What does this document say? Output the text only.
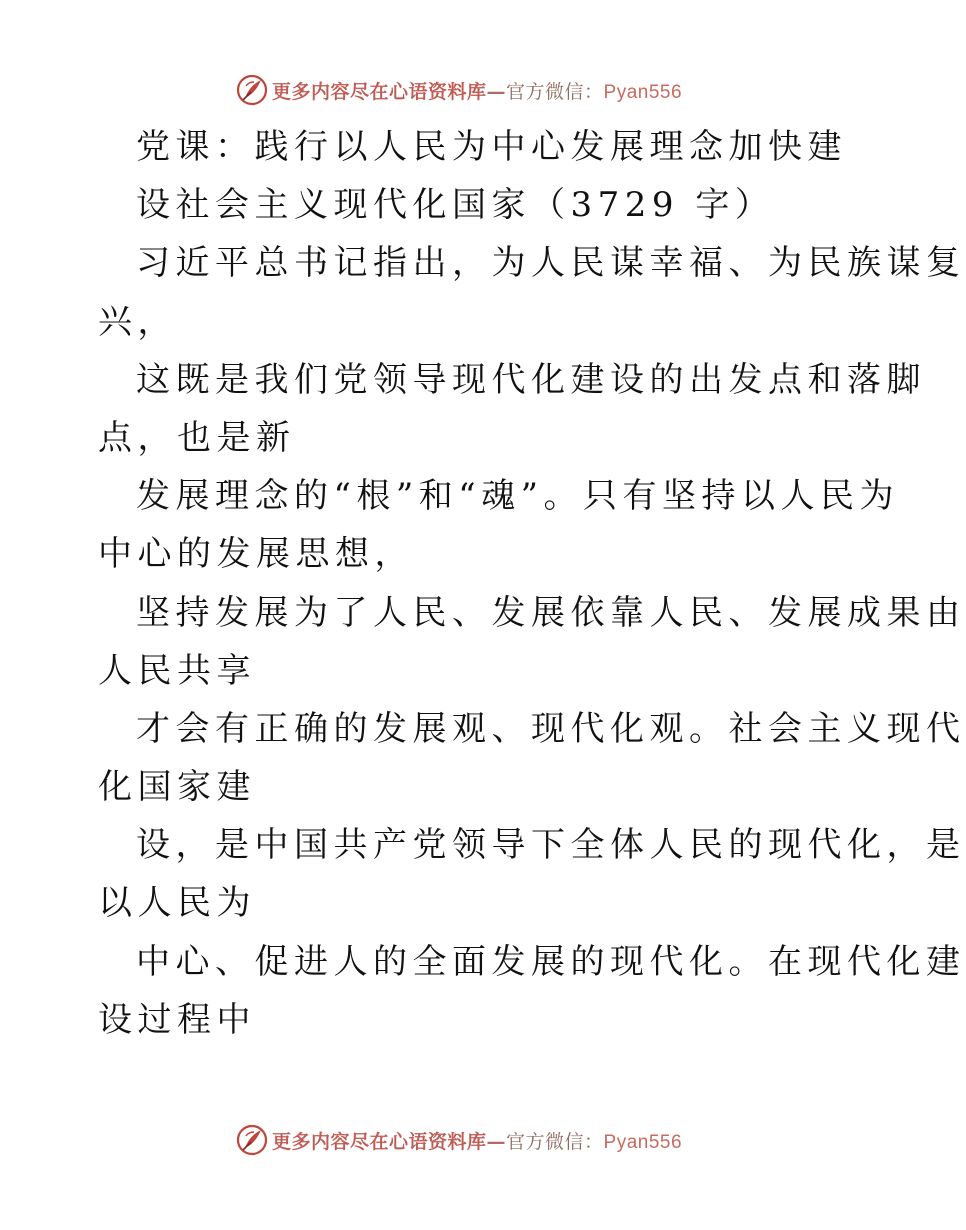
更多内容尽在心语资料库—官方微信：Pyan556
党课：践行以人民为中心发展理念加快建
设社会主义现代化国家（3729 字）
习近平总书记指出，为人民谋幸福、为民族谋复
兴，
这既是我们党领导现代化建设的出发点和落脚
点，也是新
发展理念的“根”和“魂”。只有坚持以人民为
中心的发展思想，
坚持发展为了人民、发展依靠人民、发展成果由
人民共享
才会有正确的发展观、现代化观。社会主义现代
化国家建
设，是中国共产党领导下全体人民的现代化，是
以人民为
中心、促进人的全面发展的现代化。在现代化建
设过程中
更多内容尽在心语资料库—官方微信：Pyan556
